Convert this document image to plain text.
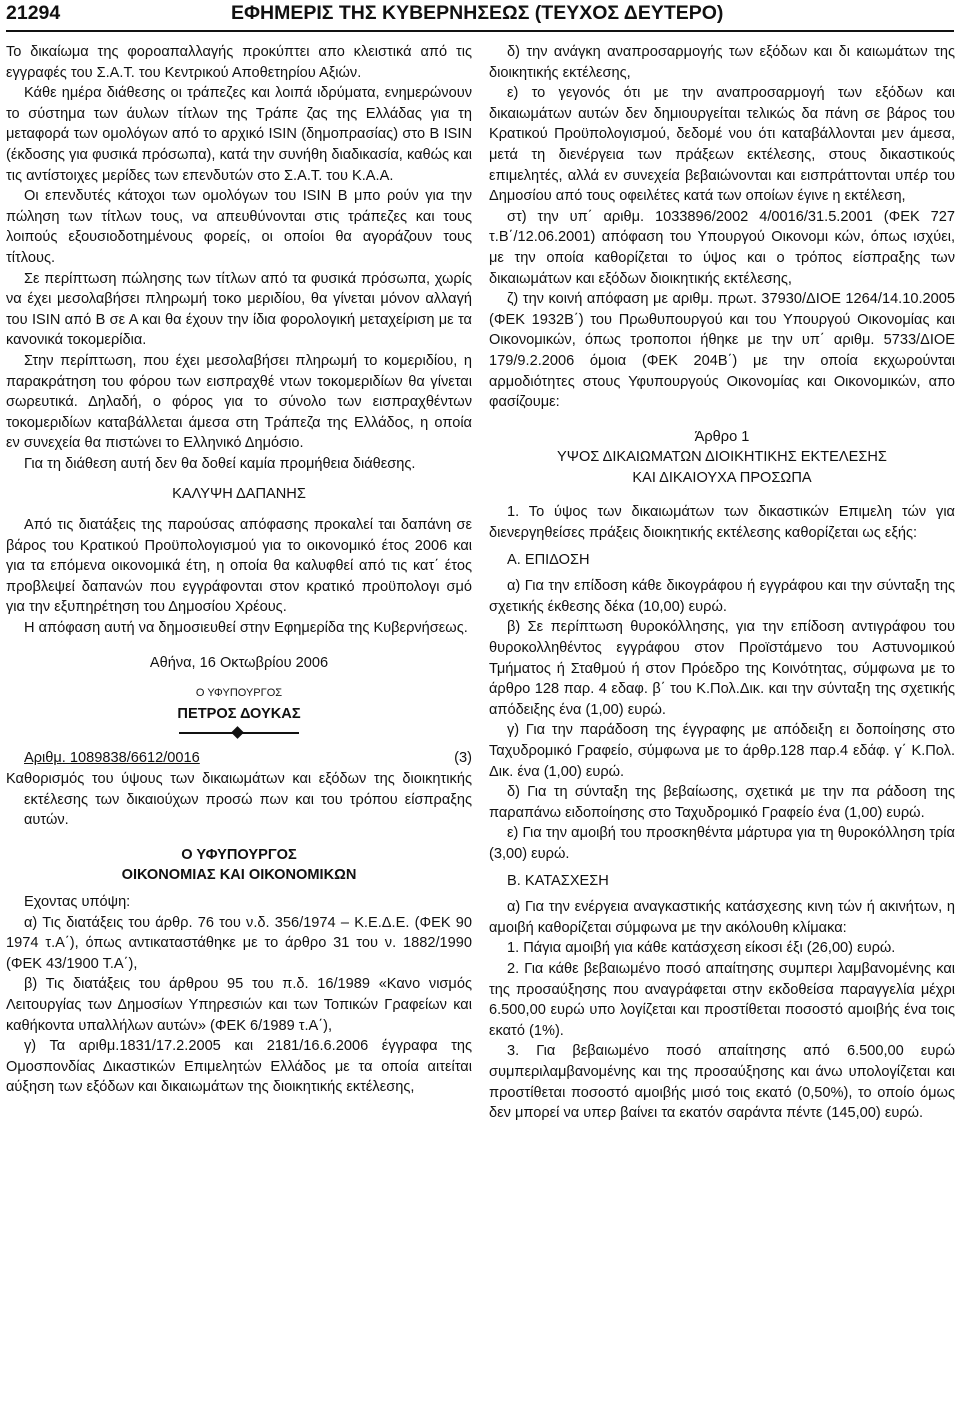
21294	ΕΦΗΜΕΡΙΣ ΤΗΣ ΚΥΒΕΡΝΗΣΕΩΣ (ΤΕΥΧΟΣ ΔΕΥΤΕΡΟ)

Το δικαίωμα της φοροαπαλλαγής προκύπτει απο κλειστικά από τις εγγραφές του Σ.Α.Τ. του Κεντρικού Αποθετηρίου Αξιών.

Κάθε ημέρα διάθεσης οι τράπεζες και λοιπά ιδρύματα, ενημερώνουν το σύστημα των άυλων τίτλων της Τράπε ζας της Ελλάδας για τη μεταφορά των ομολόγων από το αρχικό ISIN (δημοπρασίας) στο Β ISIN (έκδοσης για φυσικά πρόσωπα), κατά την συνήθη διαδικασία, καθώς και τις αντίστοιχες μερίδες των επενδυτών στο Σ.Α.Τ. του Κ.Α.Α.

Οι επενδυτές κάτοχοι των ομολόγων του ISIN Β μπο ρούν για την πώληση των τίτλων τους, να απευθύνονται στις τράπεζες και τους λοιπούς εξουσιοδοτημένους φορείς, οι οποίοι θα αγοράζουν τους τίτλους.

Σε περίπτωση πώλησης των τίτλων από τα φυσικά πρόσωπα, χωρίς να έχει μεσολαβήσει πληρωμή τοκο μεριδίου, θα γίνεται μόνον αλλαγή του ISIN από Β σε Α και θα έχουν την ίδια φορολογική μεταχείριση με τα κανονικά τοκομερίδια.

Στην περίπτωση, που έχει μεσολαβήσει πληρωμή το κομεριδίου, η παρακράτηση του φόρου των εισπραχθέ ντων τοκομεριδίων θα γίνεται σωρευτικά. Δηλαδή, ο φόρος για το σύνολο των εισπραχθέντων τοκομεριδίων καταβάλλεται άμεσα στη Τράπεζα της Ελλάδος, η οποία εν συνεχεία θα πιστώνει το Ελληνικό Δημόσιο.

Για τη διάθεση αυτή δεν θα δοθεί καμία προμήθεια διάθεσης.

ΚΑΛΥΨΗ ΔΑΠΑΝΗΣ

Από τις διατάξεις της παρούσας απόφασης προκαλεί ται δαπάνη σε βάρος του Κρατικού Προϋπολογισμού για το οικονομικό έτος 2006 και για τα επόμενα οικονομικά έτη, η οποία θα καλυφθεί από τις κατ΄ έτος προβλεψεί δαπανών που εγγράφονται στον κρατικό προϋπολογι σμό για την εξυπηρέτηση του Δημοσίου Χρέους.

Η απόφαση αυτή να δημοσιευθεί στην Εφημερίδα της Κυβερνήσεως.

Αθήνα, 16 Οκτωβρίου 2006

Ο ΥΦΥΠΟΥΡΓΟΣ

ΠΕΤΡΟΣ ΔΟΥΚΑΣ

Αριθμ. 1089838/6612/0016	(3)

Καθορισμός του ύψους των δικαιωμάτων και εξόδων της διοικητικής εκτέλεσης των δικαιούχων προσώ πων και του τρόπου είσπραξης αυτών.

Ο ΥΦΥΠΟΥΡΓΟΣ

ΟΙΚΟΝΟΜΙΑΣ ΚΑΙ ΟΙΚΟΝΟΜΙΚΩΝ

Εχοντας υπόψη:

α) Τις διατάξεις του άρθρ. 76 του ν.δ. 356/1974 – Κ.Ε.Δ.Ε. (ΦΕΚ 90 1974 τ.Α΄), όπως αντικαταστάθηκε με το άρθρο 31 του ν. 1882/1990 (ΦΕΚ 43/1900 Τ.Α΄),

β) Τις διατάξεις του άρθρου 95 του π.δ. 16/1989 «Κανο νισμός Λειτουργίας των Δημοσίων Υπηρεσιών και των Τοπικών Γραφείων και καθήκοντα υπαλλήλων αυτών» (ΦΕΚ 6/1989 τ.Α΄),

γ) Τα αριθμ.1831/17.2.2005 και 2181/16.6.2006 έγγραφα της Ομοσπονδίας Δικαστικών Επιμελητών Ελλάδος με τα οποία αιτείται αύξηση των εξόδων και δικαιωμάτων της διοικητικής εκτέλεσης,

δ) την ανάγκη αναπροσαρμογής των εξόδων και δι καιωμάτων της διοικητικής εκτέλεσης,

ε) το γεγονός ότι με την αναπροσαρμογή των εξόδων και δικαιωμάτων αυτών δεν δημιουργείται τελικώς δα πάνη σε βάρος του Κρατικού Προϋπολογισμού, δεδομέ νου ότι καταβάλλονται μεν άμεσα, μετά τη διενέργεια των πράξεων εκτέλεσης, στους δικαστικούς επιμελητές, αλλά εν συνεχεία βεβαιώνονται και εισπράττονται υπέρ του Δημοσίου από τους οφειλέτες κατά των οποίων έγινε η εκτέλεση,

στ) την υπ΄ αριθμ. 1033896/2002 4/0016/31.5.2001 (ΦΕΚ 727 τ.Β΄/12.06.2001) απόφαση του Υπουργού Οικονομι κών, όπως ισχύει, με την οποία καθορίζεται το ύψος και ο τρόπος είσπραξης των δικαιωμάτων και εξόδων διοικητικής εκτέλεσης,

ζ) την κοινή απόφαση με αριθμ. πρωτ. 37930/ΔΙΟΕ 1264/14.10.2005 (ΦΕΚ 1932Β΄) του Πρωθυπουργού και του Υπουργού Οικονομίας και Οικονομικών, όπως τροποποι ήθηκε με την υπ΄ αριθμ. 5733/ΔΙΟΕ 179/9.2.2006 όμοια (ΦΕΚ 204Β΄) με την οποία εκχωρούνται αρμοδιότητες στους Υφυπουργούς Οικονομίας και Οικονομικών, απο φασίζουμε:

Άρθρο 1

ΥΨΟΣ ΔΙΚΑΙΩΜΑΤΩΝ ΔΙΟΙΚΗΤΙΚΗΣ ΕΚΤΕΛΕΣΗΣ

ΚΑΙ ΔΙΚΑΙΟΥΧΑ ΠΡΟΣΩΠΑ

1. Το ύψος των δικαιωμάτων των δικαστικών Επιμελη τών για διενεργηθείσες πράξεις διοικητικής εκτέλεσης καθορίζεται ως εξής:

Α. ΕΠΙΔΟΣΗ

α) Για την επίδοση κάθε δικογράφου ή εγγράφου και την σύνταξη της σχετικής έκθεσης δέκα (10,00) ευρώ.

β) Σε περίπτωση θυροκόλλησης, για την επίδοση αντιγράφου του θυροκολληθέντος εγγράφου στον Προϊστάμενο του Αστυνομικού Τμήματος ή Σταθμού ή στον Πρόεδρο της Κοινότητας, σύμφωνα με το άρθρο 128 παρ. 4 εδαφ. β΄ του Κ.Πολ.Δικ. και την σύνταξη της σχετικής απόδειξης ένα (1,00) ευρώ.

γ) Για την παράδοση της έγγραφης με απόδειξη ει δοποίησης στο Ταχυδρομικό Γραφείο, σύμφωνα με το άρθρ.128 παρ.4 εδάφ. γ΄ Κ.Πολ. Δικ. ένα (1,00) ευρώ.

δ) Για τη σύνταξη της βεβαίωσης, σχετικά με την πα ράδοση της παραπάνω ειδοποίησης στο Ταχυδρομικό Γραφείο ένα (1,00) ευρώ.

ε) Για την αμοιβή του προσκηθέντα μάρτυρα για τη θυροκόλληση τρία (3,00) ευρώ.

Β. ΚΑΤΑΣΧΕΣΗ

α) Για την ενέργεια αναγκαστικής κατάσχεσης κινη τών ή ακινήτων, η αμοιβή καθορίζεται σύμφωνα με την ακόλουθη κλίμακα:

1. Πάγια αμοιβή για κάθε κατάσχεση είκοσι έξι (26,00) ευρώ.

2. Για κάθε βεβαιωμένο ποσό απαίτησης συμπερι λαμβανομένης και της προσαύξησης που αναγράφεται στην εκδοθείσα παραγγελία μέχρι 6.500,00 ευρώ υπο λογίζεται και προστίθεται ποσοστό αμοιβής ένα τοις εκατό (1%).

3. Για βεβαιωμένο ποσό απαίτησης από 6.500,00 ευρώ συμπεριλαμβανομένης και της προσαύξησης και άνω υπολογίζεται και προστίθεται ποσοστό αμοιβής μισό τοις εκατό (0,50%), το οποίο όμως δεν μπορεί να υπερ βαίνει τα εκατόν σαράντα πέντε (145,00) ευρώ.
